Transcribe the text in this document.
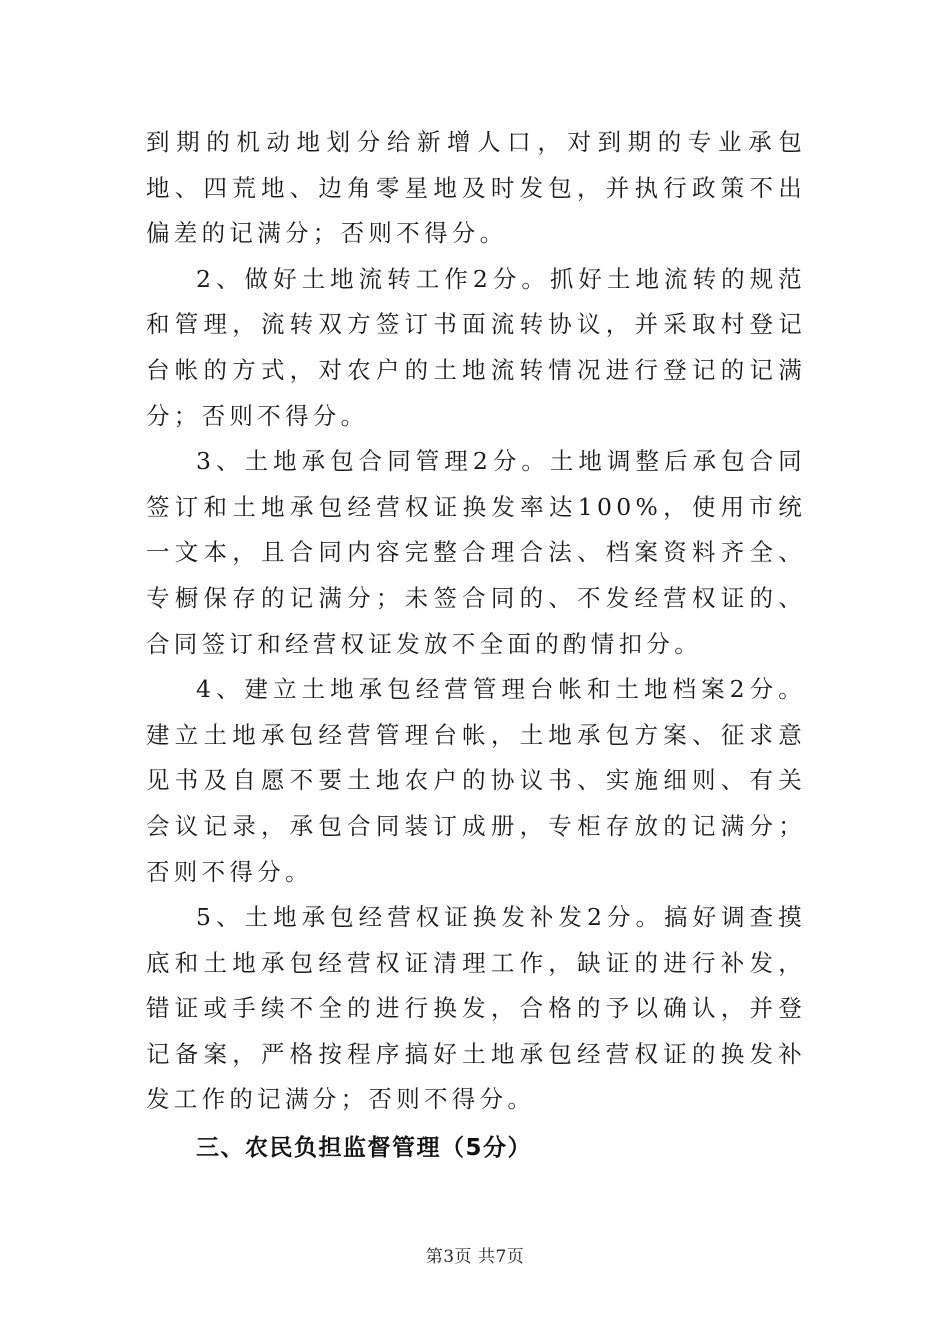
到期的机动地划分给新增人口，对到期的专业承包地、四荒地、边角零星地及时发包，并执行政策不出偏差的记满分；否则不得分。

2、做好土地流转工作2分。抓好土地流转的规范和管理，流转双方签订书面流转协议，并采取村登记台帐的方式，对农户的土地流转情况进行登记的记满分；否则不得分。

3、土地承包合同管理2分。土地调整后承包合同签订和土地承包经营权证换发率达100%，使用市统一文本，且合同内容完整合理合法、档案资料齐全、专橱保存的记满分；未签合同的、不发经营权证的、合同签订和经营权证发放不全面的酌情扣分。

4、建立土地承包经营管理台帐和土地档案2分。建立土地承包经营管理台帐，土地承包方案、征求意见书及自愿不要土地农户的协议书、实施细则、有关会议记录，承包合同装订成册，专柜存放的记满分；否则不得分。

5、土地承包经营权证换发补发2分。搞好调查摸底和土地承包经营权证清理工作，缺证的进行补发，错证或手续不全的进行换发，合格的予以确认，并登记备案，严格按程序搞好土地承包经营权证的换发补发工作的记满分；否则不得分。

三、农民负担监督管理（5分）
第3页 共7页
